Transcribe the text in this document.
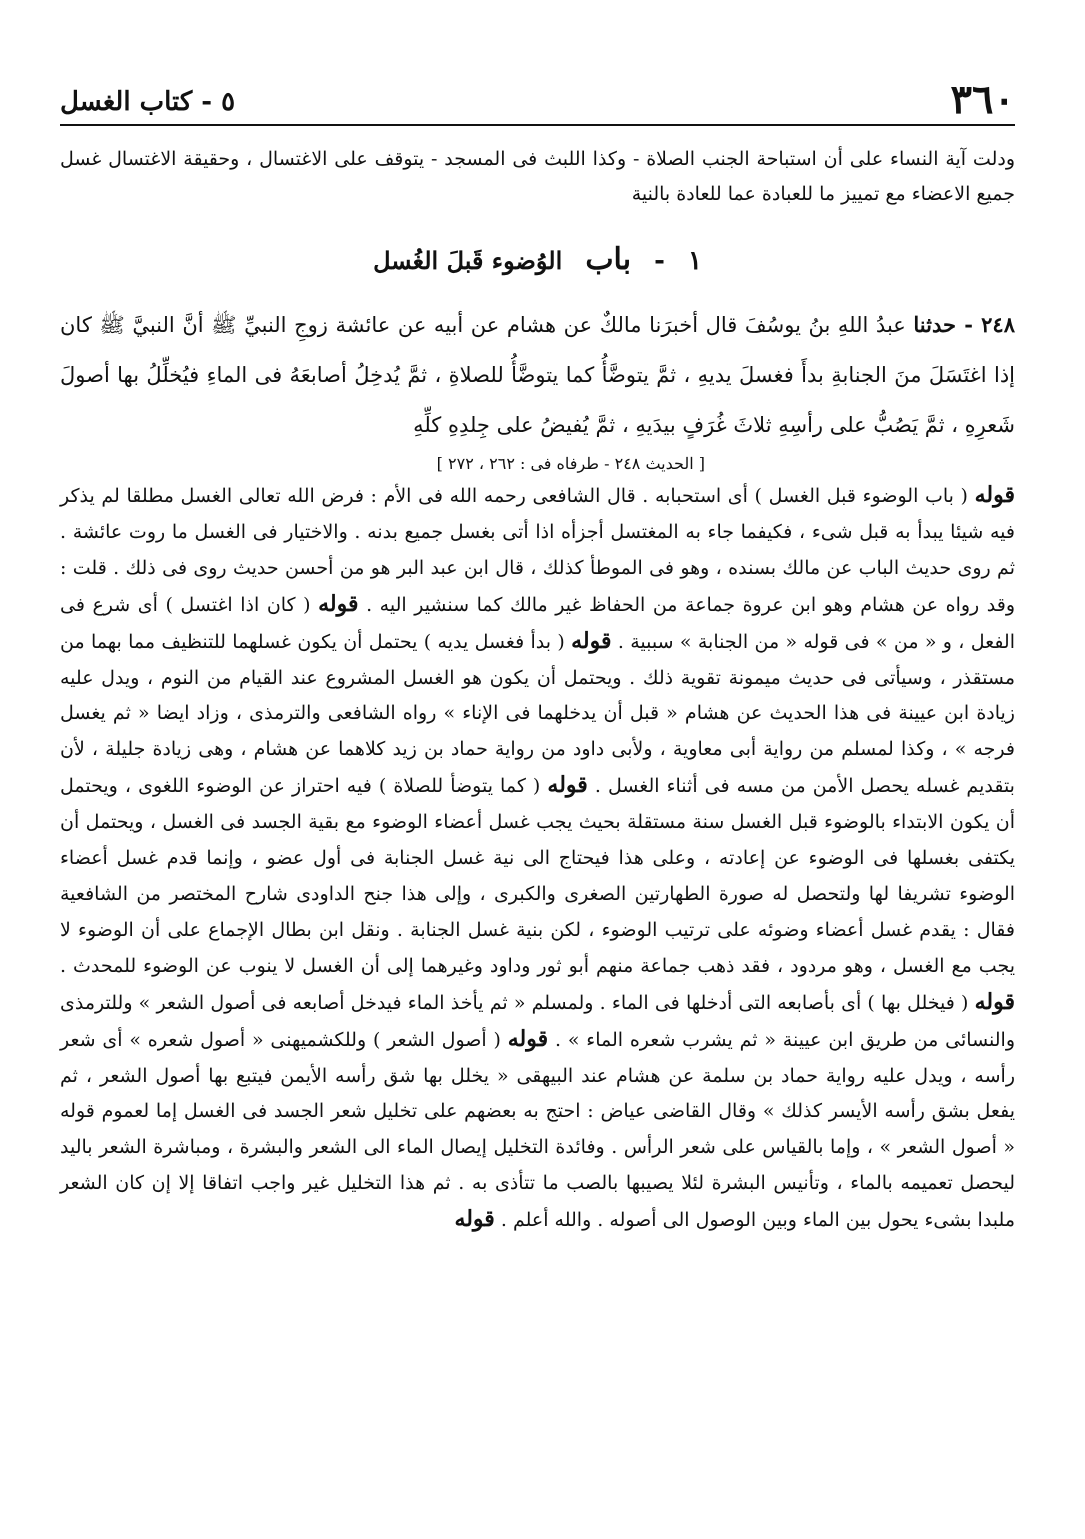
٣٦٠
٥ - كتاب الغسل

ودلت آية النساء على أن استباحة الجنب الصلاة - وكذا اللبث فى المسجد - يتوقف على الاغتسال ، وحقيقة الاغتسال غسل جميع الاعضاء مع تمييز ما للعبادة عما للعادة بالنية

١ - باب الوُضوء قَبلَ الغُسل

٢٤٨ - حدثنا عبدُ اللهِ بنُ يوسُفَ قال أخبرَنا مالكٌ عن هشام عن أبيه عن عائشة زوجِ النبيِّ ﷺ أنَّ النبيَّ ﷺ كان إذا اغتَسَلَ منَ الجنابةِ بدأَ فغسلَ يديهِ ، ثمَّ يتوضَّأُ كما يتوضَّأُ للصلاةِ ، ثمَّ يُدخِلُ أصابعَهُ فى الماءِ فيُخلِّلُ بها أصولَ شَعرِهِ ، ثمَّ يَصُبُّ على رأسِهِ ثلاثَ غُرَفٍ بيدَيهِ ، ثمَّ يُفيضُ على جِلدِهِ كلِّهِ

[ الحديث ٢٤٨ - طرفاه فى : ٢٦٢ ، ٢٧٢ ]

قوله ( باب الوضوء قبل الغسل ) أى استحبابه . قال الشافعى رحمه الله فى الأم : فرض الله تعالى الغسل مطلقا لم يذكر فيه شيئا يبدأ به قبل شىء ، فكيفما جاء به المغتسل أجزأه اذا أتى بغسل جميع بدنه . والاختيار فى الغسل ما روت عائشة . ثم روى حديث الباب عن مالك بسنده ، وهو فى الموطأ كذلك ، قال ابن عبد البر هو من أحسن حديث روى فى ذلك . قلت : وقد رواه عن هشام وهو ابن عروة جماعة من الحفاظ غير مالك كما سنشير اليه . قوله ( كان اذا اغتسل ) أى شرع فى الفعل ، و « من » فى قوله « من الجنابة » سببية . قوله ( بدأ فغسل يديه ) يحتمل أن يكون غسلهما للتنظيف مما بهما من مستقذر ، وسيأتى فى حديث ميمونة تقوية ذلك . ويحتمل أن يكون هو الغسل المشروع عند القيام من النوم ، ويدل عليه زيادة ابن عيينة فى هذا الحديث عن هشام « قبل أن يدخلهما فى الإناء » رواه الشافعى والترمذى ، وزاد ايضا « ثم يغسل فرجه » ، وكذا لمسلم من رواية أبى معاوية ، ولأبى داود من رواية حماد بن زيد كلاهما عن هشام ، وهى زيادة جليلة ، لأن بتقديم غسله يحصل الأمن من مسه فى أثناء الغسل . قوله ( كما يتوضأ للصلاة ) فيه احتراز عن الوضوء اللغوى ، ويحتمل أن يكون الابتداء بالوضوء قبل الغسل سنة مستقلة بحيث يجب غسل أعضاء الوضوء مع بقية الجسد فى الغسل ، ويحتمل أن يكتفى بغسلها فى الوضوء عن إعادته ، وعلى هذا فيحتاج الى نية غسل الجنابة فى أول عضو ، وإنما قدم غسل أعضاء الوضوء تشريفا لها ولتحصل له صورة الطهارتين الصغرى والكبرى ، وإلى هذا جنح الداودى شارح المختصر من الشافعية فقال : يقدم غسل أعضاء وضوئه على ترتيب الوضوء ، لكن بنية غسل الجنابة . ونقل ابن بطال الإجماع على أن الوضوء لا يجب مع الغسل ، وهو مردود ، فقد ذهب جماعة منهم أبو ثور وداود وغيرهما إلى أن الغسل لا ينوب عن الوضوء للمحدث . قوله ( فيخلل بها ) أى بأصابعه التى أدخلها فى الماء . ولمسلم « ثم يأخذ الماء فيدخل أصابعه فى أصول الشعر » وللترمذى والنسائى من طريق ابن عيينة « ثم يشرب شعره الماء » . قوله ( أصول الشعر ) وللكشميهنى « أصول شعره » أى شعر رأسه ، ويدل عليه رواية حماد بن سلمة عن هشام عند البيهقى « يخلل بها شق رأسه الأيمن فيتبع بها أصول الشعر ، ثم يفعل بشق رأسه الأيسر كذلك » وقال القاضى عياض : احتج به بعضهم على تخليل شعر الجسد فى الغسل إما لعموم قوله « أصول الشعر » ، وإما بالقياس على شعر الرأس . وفائدة التخليل إيصال الماء الى الشعر والبشرة ، ومباشرة الشعر باليد ليحصل تعميمه بالماء ، وتأنيس البشرة لئلا يصيبها بالصب ما تتأذى به . ثم هذا التخليل غير واجب اتفاقا إلا إن كان الشعر ملبدا بشىء يحول بين الماء وبين الوصول الى أصوله . والله أعلم . قوله
